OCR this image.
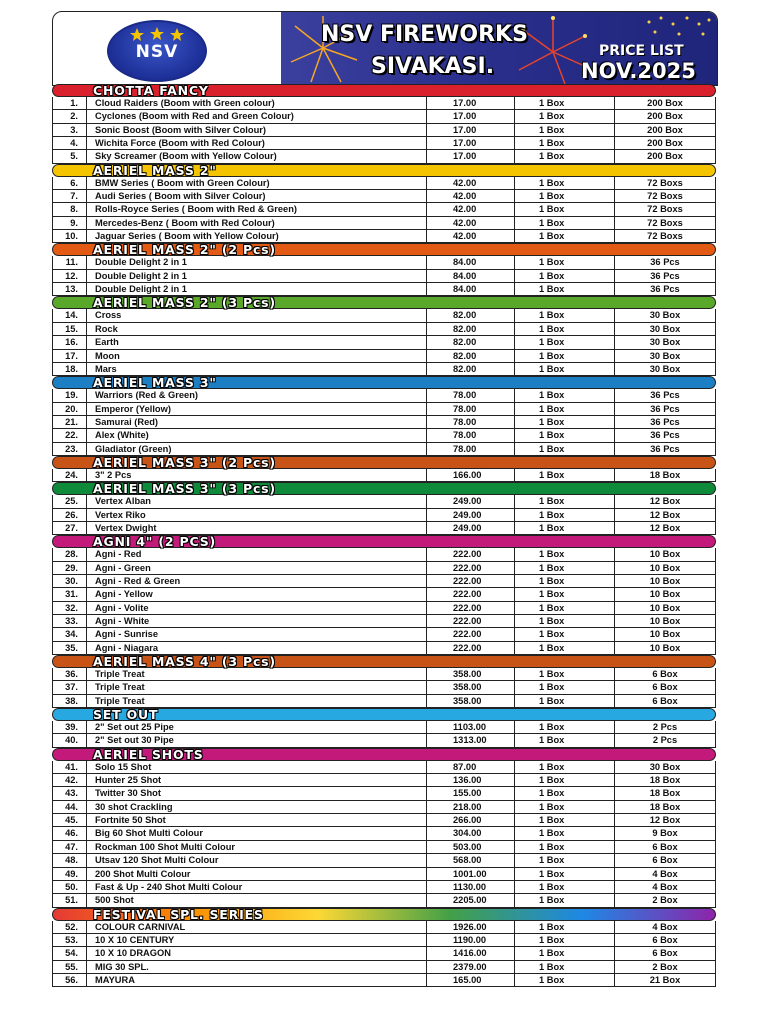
NSV
NSV FIREWORKS
SIVAKASI.
PRICE LIST
NOV.2025
CHOTTA FANCY
1.	Cloud Raiders (Boom with Green colour)	17.00	1 Box	200 Box
2.	Cyclones (Boom with Red and Green Colour)	17.00	1 Box	200 Box
3.	Sonic Boost (Boom with Silver Colour)	17.00	1 Box	200 Box
4.	Wichita Force (Boom with Red Colour)	17.00	1 Box	200 Box
5.	Sky Screamer (Boom with Yellow Colour)	17.00	1 Box	200 Box
AERIEL MASS 2"
6.	BMW Series ( Boom with Green Colour)	42.00	1 Box	72 Boxs
7.	Audi Series ( Boom with Silver Colour)	42.00	1 Box	72 Boxs
8.	Rolls-Royce Series ( Boom with Red & Green)	42.00	1 Box	72 Boxs
9.	Mercedes-Benz ( Boom with Red Colour)	42.00	1 Box	72 Boxs
10.	Jaguar Series ( Boom with Yellow Colour)	42.00	1 Box	72 Boxs
AERIEL MASS 2" (2 Pcs)
11.	Double Delight 2 in 1	84.00	1 Box	36 Pcs
12.	Double Delight 2 in 1	84.00	1 Box	36 Pcs
13.	Double Delight 2 in 1	84.00	1 Box	36 Pcs
AERIEL MASS 2" (3 Pcs)
14.	Cross	82.00	1 Box	30 Box
15.	Rock	82.00	1 Box	30 Box
16.	Earth	82.00	1 Box	30 Box
17.	Moon	82.00	1 Box	30 Box
18.	Mars	82.00	1 Box	30 Box
AERIEL MASS 3"
19.	Warriors (Red & Green)	78.00	1 Box	36 Pcs
20.	Emperor (Yellow)	78.00	1 Box	36 Pcs
21.	Samurai (Red)	78.00	1 Box	36 Pcs
22.	Alex (White)	78.00	1 Box	36 Pcs
23.	Gladiator (Green)	78.00	1 Box	36 Pcs
AERIEL MASS 3" (2 Pcs)
24.	3" 2 Pcs	166.00	1 Box	18 Box
AERIEL MASS 3" (3 Pcs)
25.	Vertex Alban	249.00	1 Box	12 Box
26.	Vertex Riko	249.00	1 Box	12 Box
27.	Vertex Dwight	249.00	1 Box	12 Box
AGNI 4" (2 PCS)
28.	Agni - Red	222.00	1 Box	10 Box
29.	Agni - Green	222.00	1 Box	10 Box
30.	Agni - Red & Green	222.00	1 Box	10 Box
31.	Agni - Yellow	222.00	1 Box	10 Box
32.	Agni - Volite	222.00	1 Box	10 Box
33.	Agni - White	222.00	1 Box	10 Box
34.	Agni - Sunrise	222.00	1 Box	10 Box
35.	Agni - Niagara	222.00	1 Box	10 Box
AERIEL MASS 4" (3 Pcs)
36.	Triple Treat	358.00	1 Box	6 Box
37.	Triple Treat	358.00	1 Box	6 Box
38.	Triple Treat	358.00	1 Box	6 Box
SET OUT
39.	2" Set out 25 Pipe	1103.00	1 Box	2 Pcs
40.	2" Set out 30 Pipe	1313.00	1 Box	2 Pcs
AERIEL SHOTS
41.	Solo 15 Shot	87.00	1 Box	30 Box
42.	Hunter 25 Shot	136.00	1 Box	18 Box
43.	Twitter 30 Shot	155.00	1 Box	18 Box
44.	30 shot Crackling	218.00	1 Box	18 Box
45.	Fortnite 50 Shot	266.00	1 Box	12 Box
46.	Big 60 Shot Multi Colour	304.00	1 Box	9 Box
47.	Rockman 100 Shot Multi Colour	503.00	1 Box	6 Box
48.	Utsav 120 Shot Multi Colour	568.00	1 Box	6 Box
49.	200 Shot Multi Colour	1001.00	1 Box	4 Box
50.	Fast & Up - 240 Shot Multi Colour	1130.00	1 Box	4 Box
51.	500 Shot	2205.00	1 Box	2 Box
FESTIVAL SPL. SERIES
52.	COLOUR CARNIVAL	1926.00	1 Box	4 Box
53.	10 X 10 CENTURY	1190.00	1 Box	6 Box
54.	10 X 10 DRAGON	1416.00	1 Box	6 Box
55.	MIG 30 SPL.	2379.00	1 Box	2 Box
56.	MAYURA	165.00	1 Box	21 Box
